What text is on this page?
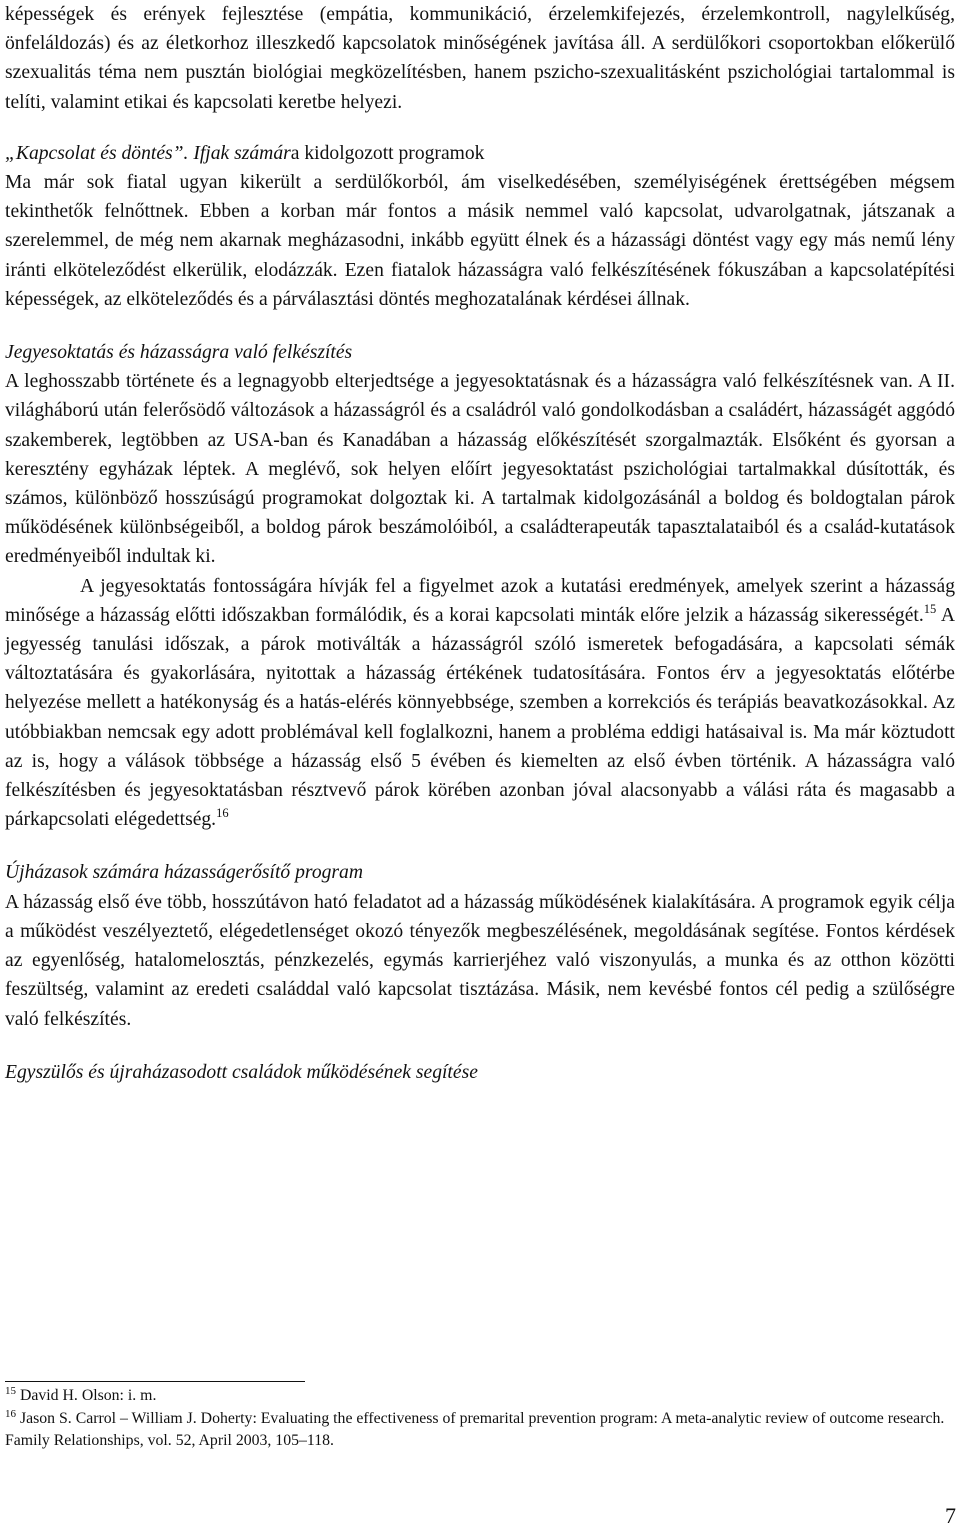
képességek és erények fejlesztése (empátia, kommunikáció, érzelemkifejezés, érzelemkontroll, nagylelkűség, önfeláldozás) és az életkorhoz illeszkedő kapcsolatok minőségének javítása áll. A serdülőkori csoportokban előkerülő szexualitás téma nem pusztán biológiai megközelítésben, hanem pszicho-szexualitásként pszichológiai tartalommal is telíti, valamint etikai és kapcsolati keretbe helyezi.

„Kapcsolat és döntés”. Ifjak számára kidolgozott programok
Ma már sok fiatal ugyan kikerült a serdülőkorból, ám viselkedésében, személyiségének érettségében mégsem tekinthetők felnőttnek. Ebben a korban már fontos a másik nemmel való kapcsolat, udvarolgatnak, játszanak a szerelemmel, de még nem akarnak megházasodni, inkább együtt élnek és a házassági döntést vagy egy más nemű lény iránti elköteleződést elkerülik, elodázzák. Ezen fiatalok házasságra való felkészítésének fókuszában a kapcsolatépítési képességek, az elköteleződés és a párválasztási döntés meghozatalának kérdései állnak.

Jegyesoktatás és házasságra való felkészítés

A leghosszabb története és a legnagyobb elterjedtsége a jegyesoktatásnak és a házasságra való felkészítésnek van. A II. világháború után felerősödő változások a házasságról és a családról való gondolkodásban a családért, házasságét aggódó szakemberek, legtöbben az USA-ban és Kanadában a házasság előkészítését szorgalmazták. Elsőként és gyorsan a keresztény egyházak léptek. A meglévő, sok helyen előírt jegyesoktatást pszichológiai tartalmakkal dúsították, és számos, különböző hosszúságú programokat dolgoztak ki. A tartalmak kidolgozásánál a boldog és boldogtalan párok működésének különbségeiből, a boldog párok beszámolóiból, a családterapeuták tapasztalataiból és a család-kutatások eredményeiből indultak ki.

A jegyesoktatás fontosságára hívják fel a figyelmet azok a kutatási eredmények, amelyek szerint a házasság minősége a házasság előtti időszakban formálódik, és a korai kapcsolati minták előre jelzik a házasság sikerességét.$^{15}$ A jegyesség tanulási időszak, a párok motiválták a házasságról szóló ismeretek befogadására, a kapcsolati sémák változtatására és gyakorlására, nyitottak a házasság értékének tudatosítására. Fontos érv a jegyesoktatás előtérbe helyezése mellett a hatékonyság és a hatás-elérés könnyebbsége, szemben a korrekciós és terápiás beavatkozásokkal. Az utóbbiakban nemcsak egy adott problémával kell foglalkozni, hanem a probléma eddigi hatásaival is. Ma már köztudott az is, hogy a válások többsége a házasság első 5 évében és kiemelten az első évben történik. A házasságra való felkészítésben és jegyesoktatásban résztvevő párok körében azonban jóval alacsonyabb a válási ráta és magasabb a párkapcsolati elégedettség.$^{16}$

Újházasok számára házasságerősítő program

A házasság első éve több, hosszútávon ható feladatot ad a házasság működésének kialakítására. A programok egyik célja a működést veszélyeztető, elégedetlenséget okozó tényezők megbeszélésének, megoldásának segítése. Fontos kérdések az egyenlőség, hatalomelosztás, pénzkezelés, egymás karrierjéhez való viszonyulás, a munka és az otthon közötti feszültség, valamint az eredeti családdal való kapcsolat tisztázása. Másik, nem kevésbé fontos cél pedig a szülőségre való felkészítés.

Egyszülős és újraházasodott családok működésének segítése

$^{15}$ David H. Olson: i. m.

$^{16}$ Jason S. Carrol – William J. Doherty: Evaluating the effectiveness of premarital prevention program: A meta-analytic review of outcome research. Family Relationships, vol. 52, April 2003, 105–118.

7
